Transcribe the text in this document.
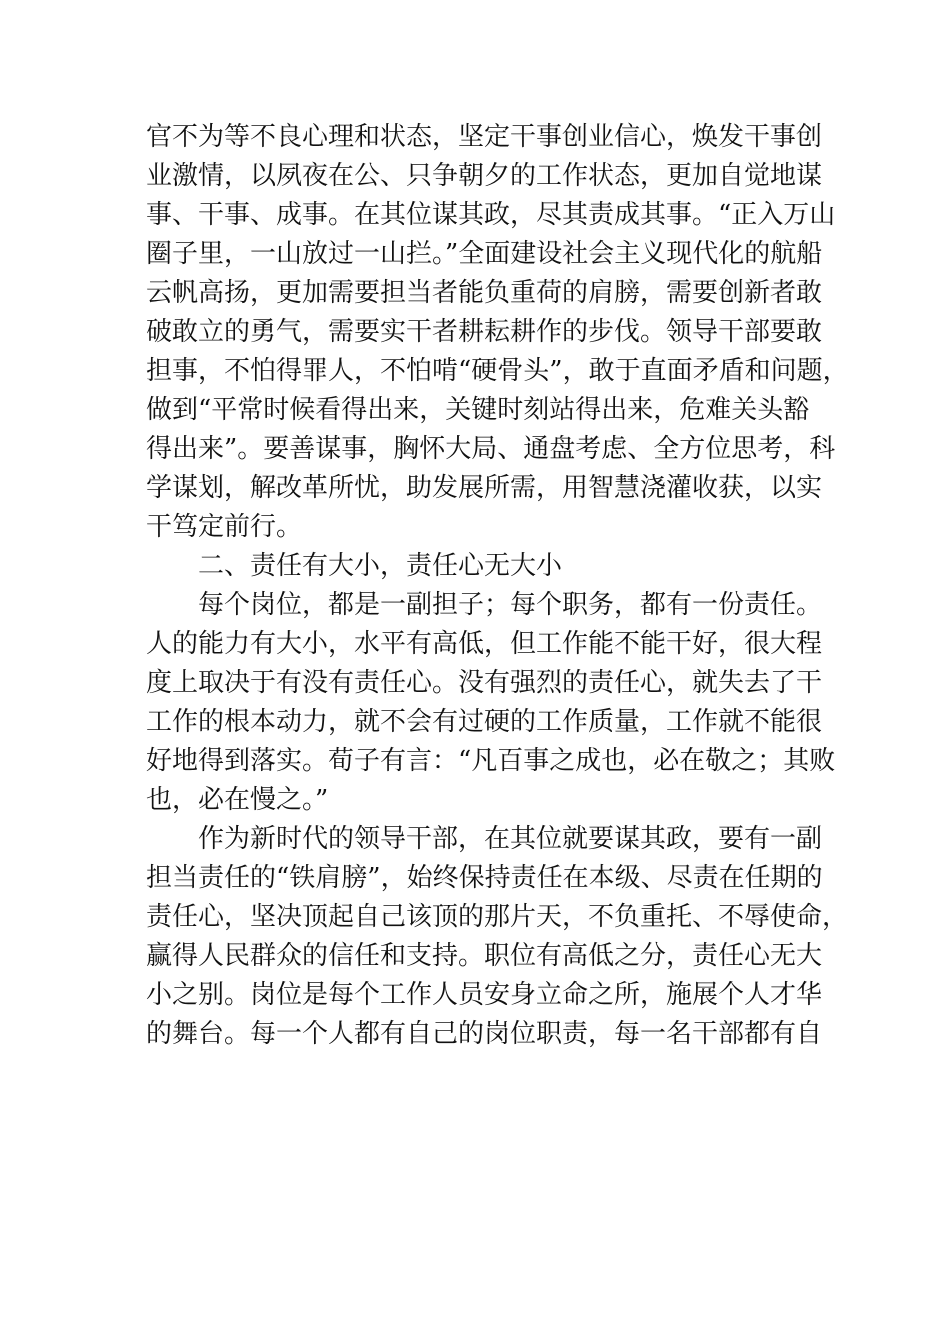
官不为等不良心理和状态，坚定干事创业信心，焕发干事创
业激情，以夙夜在公、只争朝夕的工作状态，更加自觉地谋
事、干事、成事。在其位谋其政，尽其责成其事。“正入万山
圈子里，一山放过一山拦。”全面建设社会主义现代化的航船
云帆高扬，更加需要担当者能负重荷的肩膀，需要创新者敢
破敢立的勇气，需要实干者耕耘耕作的步伐。领导干部要敢
担事，不怕得罪人，不怕啃“硬骨头”，敢于直面矛盾和问题，
做到“平常时候看得出来，关键时刻站得出来，危难关头豁
得出来”。要善谋事，胸怀大局、通盘考虑、全方位思考，科
学谋划，解改革所忧，助发展所需，用智慧浇灌收获，以实
干笃定前行。
二、责任有大小，责任心无大小
每个岗位，都是一副担子；每个职务，都有一份责任。
人的能力有大小，水平有高低，但工作能不能干好，很大程
度上取决于有没有责任心。没有强烈的责任心，就失去了干
工作的根本动力，就不会有过硬的工作质量，工作就不能很
好地得到落实。荀子有言：“凡百事之成也，必在敬之；其败
也，必在慢之。”
作为新时代的领导干部，在其位就要谋其政，要有一副
担当责任的“铁肩膀”，始终保持责任在本级、尽责在任期的
责任心，坚决顶起自己该顶的那片天，不负重托、不辱使命，
赢得人民群众的信任和支持。职位有高低之分，责任心无大
小之别。岗位是每个工作人员安身立命之所，施展个人才华
的舞台。每一个人都有自己的岗位职责，每一名干部都有自
